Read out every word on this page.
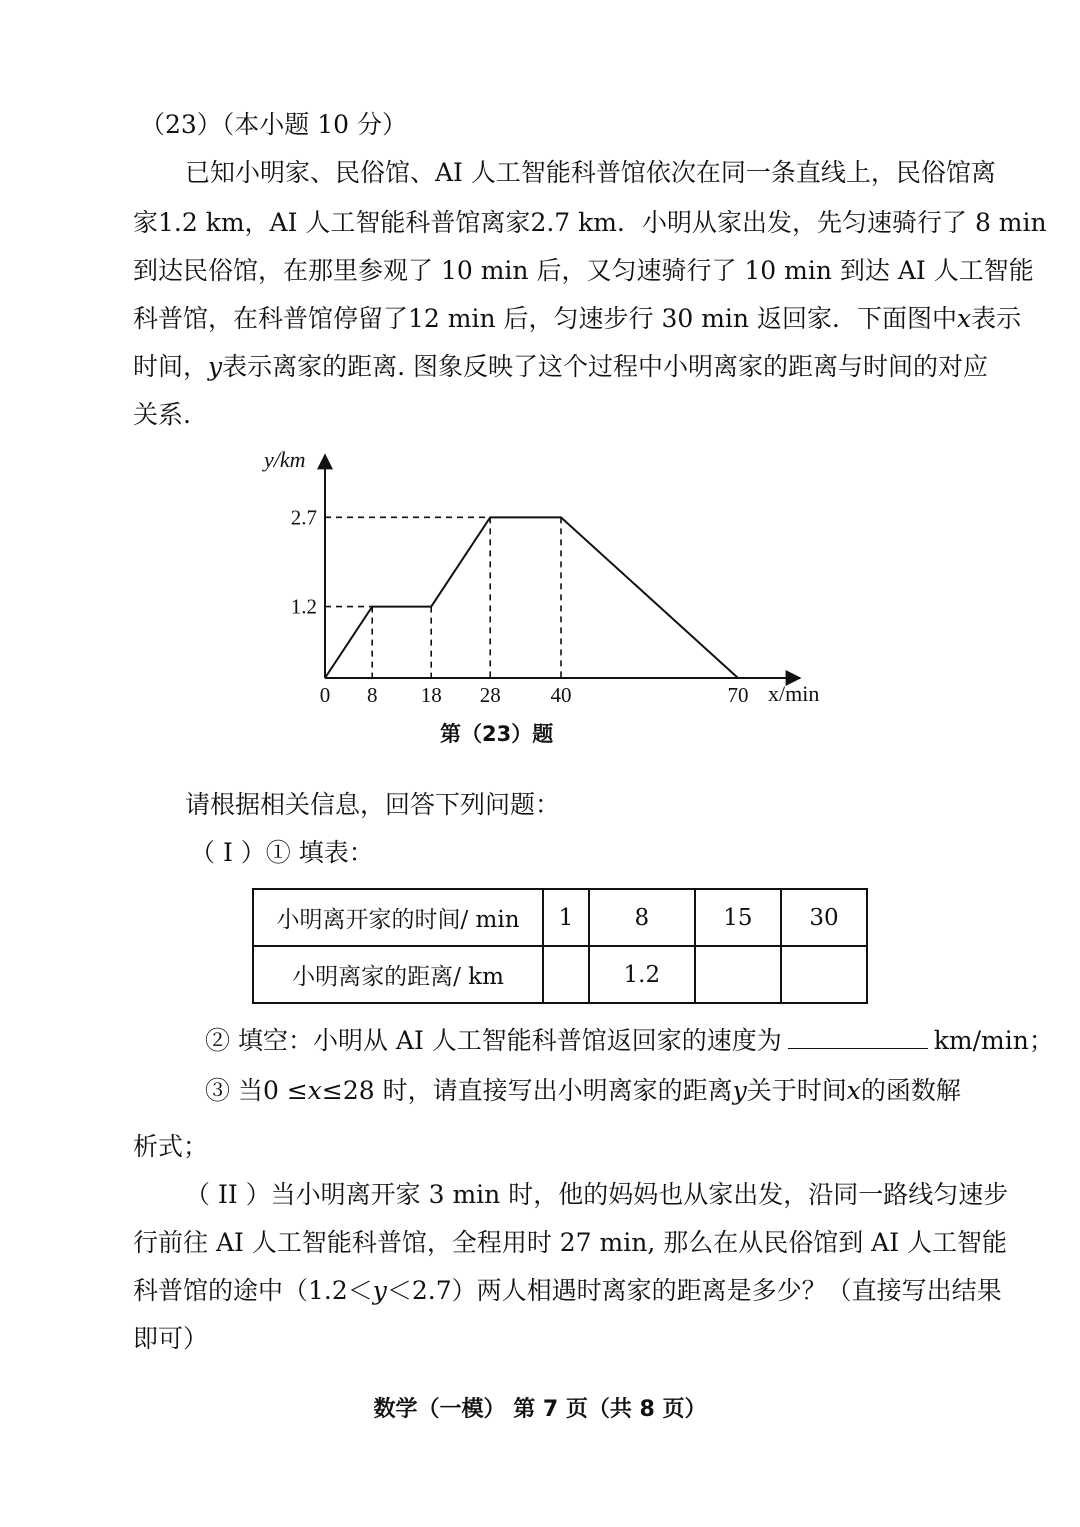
（23）（本小题 10 分）
已知小明家、民俗馆、AI 人工智能科普馆依次在同一条直线上，民俗馆离
家1.2 km，AI 人工智能科普馆离家2.7 km．小明从家出发，先匀速骑行了 8 min
到达民俗馆，在那里参观了 10 min 后，又匀速骑行了 10 min 到达 AI 人工智能
科普馆，在科普馆停留了12 min 后，匀速步行 30 min 返回家．下面图中x表示
时间，y表示离家的距离. 图象反映了这个过程中小明离家的距离与时间的对应
关系.
0 8 18 28 40	70
1.2
2.7
y/km
x/min
第（23）题
请根据相关信息，回答下列问题：
（ I ）① 填表：
小明离开家的时间/ min	1	8	15	30
小明离家的距离/ km		1.2		
② 填空：小明从 AI 人工智能科普馆返回家的速度为	km/min；
③ 当0 ≤x≤28 时，请直接写出小明离家的距离y关于时间x的函数解
析式；
（ II ）当小明离开家 3 min 时，他的妈妈也从家出发，沿同一路线匀速步
行前往 AI 人工智能科普馆，全程用时 27 min, 那么在从民俗馆到 AI 人工智能
科普馆的途中（1.2＜y＜2.7）两人相遇时离家的距离是多少？（直接写出结果
即可）
数学（一模） 第 7 页（共 8 页）
